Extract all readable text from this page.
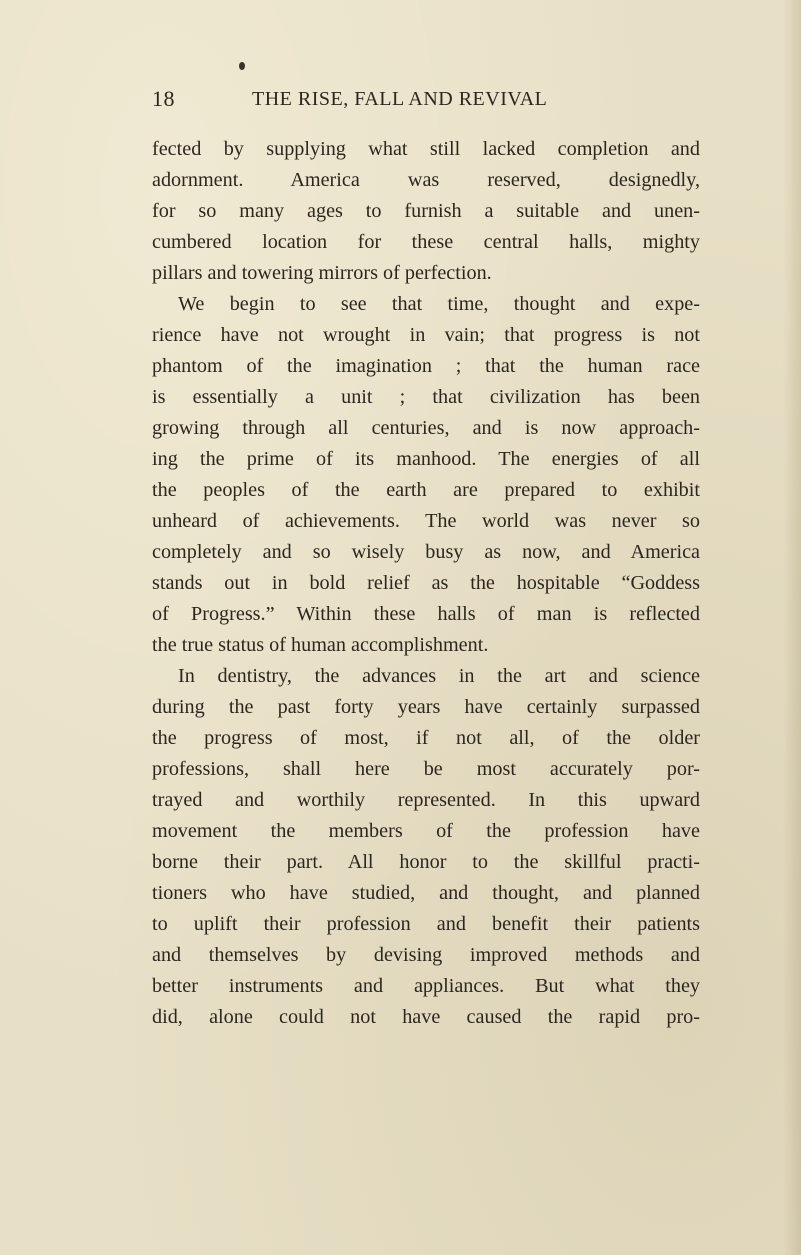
18	THE RISE, FALL AND REVIVAL
fected by supplying what still lacked completion and
adornment. America was reserved, designedly,
for so many ages to furnish a suitable and unen-
cumbered location for these central halls, mighty
pillars and towering mirrors of perfection.
We begin to see that time, thought and expe-
rience have not wrought in vain; that progress is not
phantom of the imagination ; that the human race
is essentially a unit ; that civilization has been
growing through all centuries, and is now approach-
ing the prime of its manhood. The energies of all
the peoples of the earth are prepared to exhibit
unheard of achievements. The world was never so
completely and so wisely busy as now, and America
stands out in bold relief as the hospitable “Goddess
of Progress.” Within these halls of man is reflected
the true status of human accomplishment.
In dentistry, the advances in the art and science
during the past forty years have certainly surpassed
the progress of most, if not all, of the older
professions, shall here be most accurately por-
trayed and worthily represented. In this upward
movement the members of the profession have
borne their part. All honor to the skillful practi-
tioners who have studied, and thought, and planned
to uplift their profession and benefit their patients
and themselves by devising improved methods and
better instruments and appliances. But what they
did, alone could not have caused the rapid pro-
